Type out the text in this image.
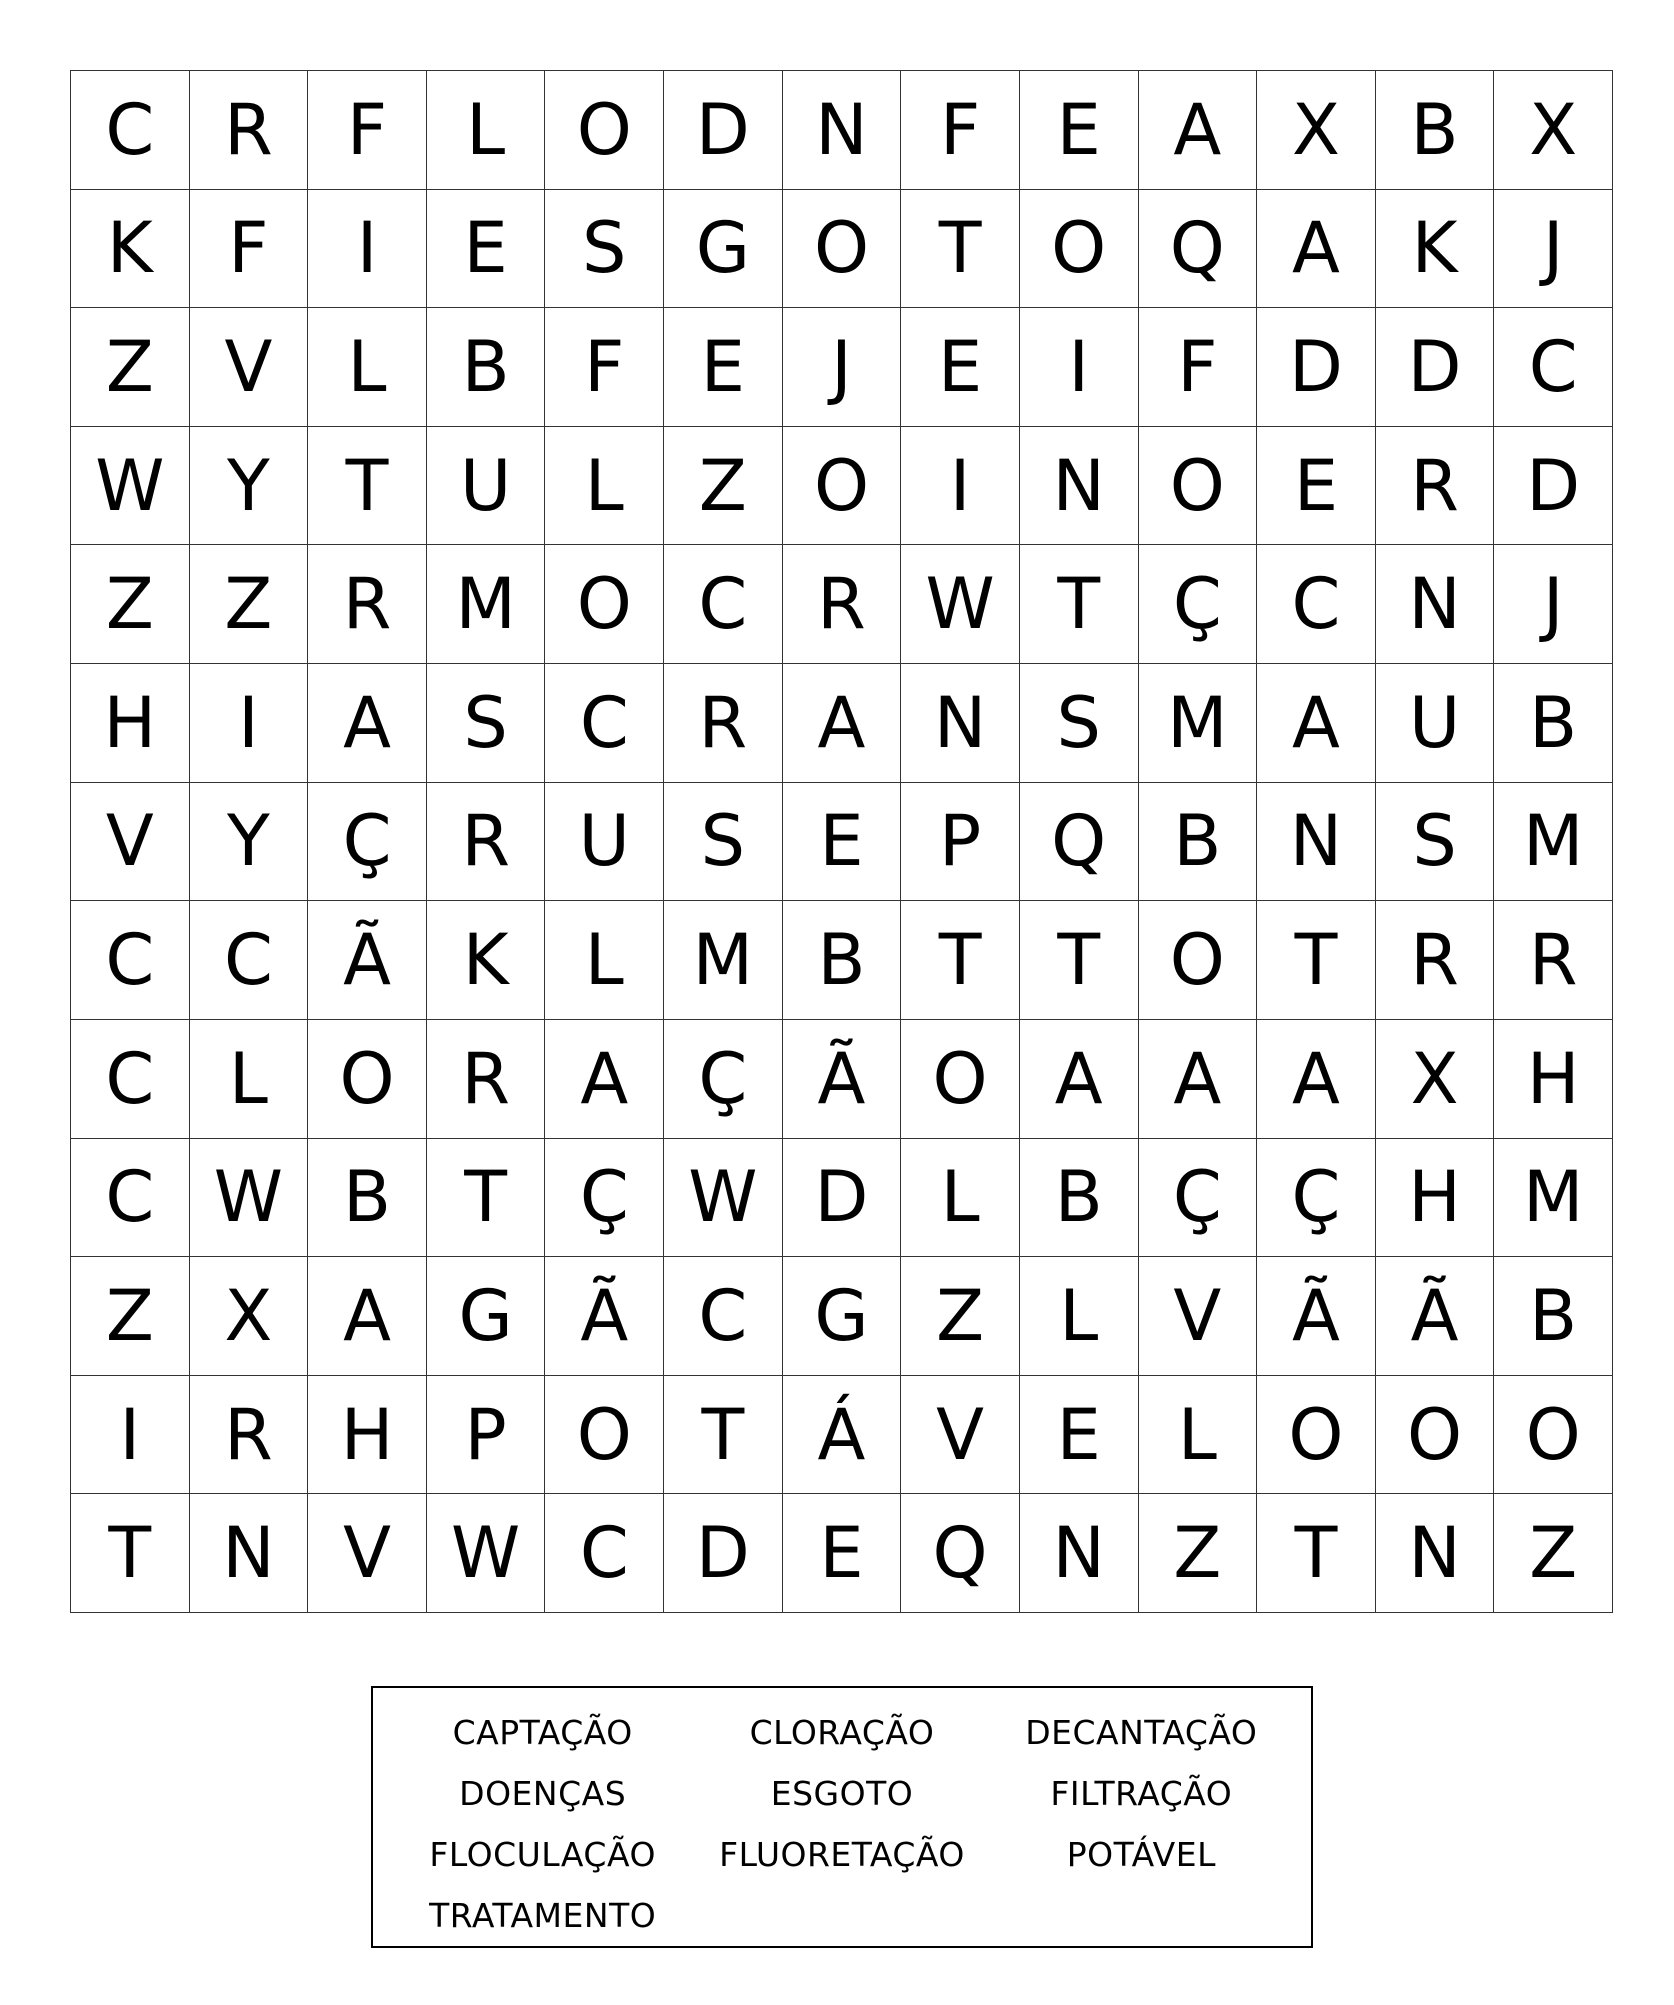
C R	F	L	O D N	F	E	A	X	B	X
K	F	I	E	S G O T O Q A	K	J
Z	V	L	B	F	E	J	E	I	F	D D C
W Y	T	U	L	Z O	I	N O E	R D
Z	Z	R M O C R W T	Ç C N	J
H	I	A	S	C R	A N	S M A U B
V	Y	Ç R U	S	E	P Q B N	S M
C C	Ã	K	L M B	T	T O T	R R
C	L	O R	A	Ç	Ã O A	A	A	X H
C W B	T	Ç W D	L	B	Ç Ç H M
Z	X	A G Ã	C G Z	L	V	Ã	Ã	B
I	R H	P O T	Á	V	E	L	O O O
T	N V W C D E Q N Z	T	N Z
CAPTAÇÃO	CLORAÇÃO	DECANTAÇÃO
DOENÇAS	ESGOTO	FILTRAÇÃO
FLOCULAÇÃO FLUORETAÇÃO	POTÁVEL
TRATAMENTO
